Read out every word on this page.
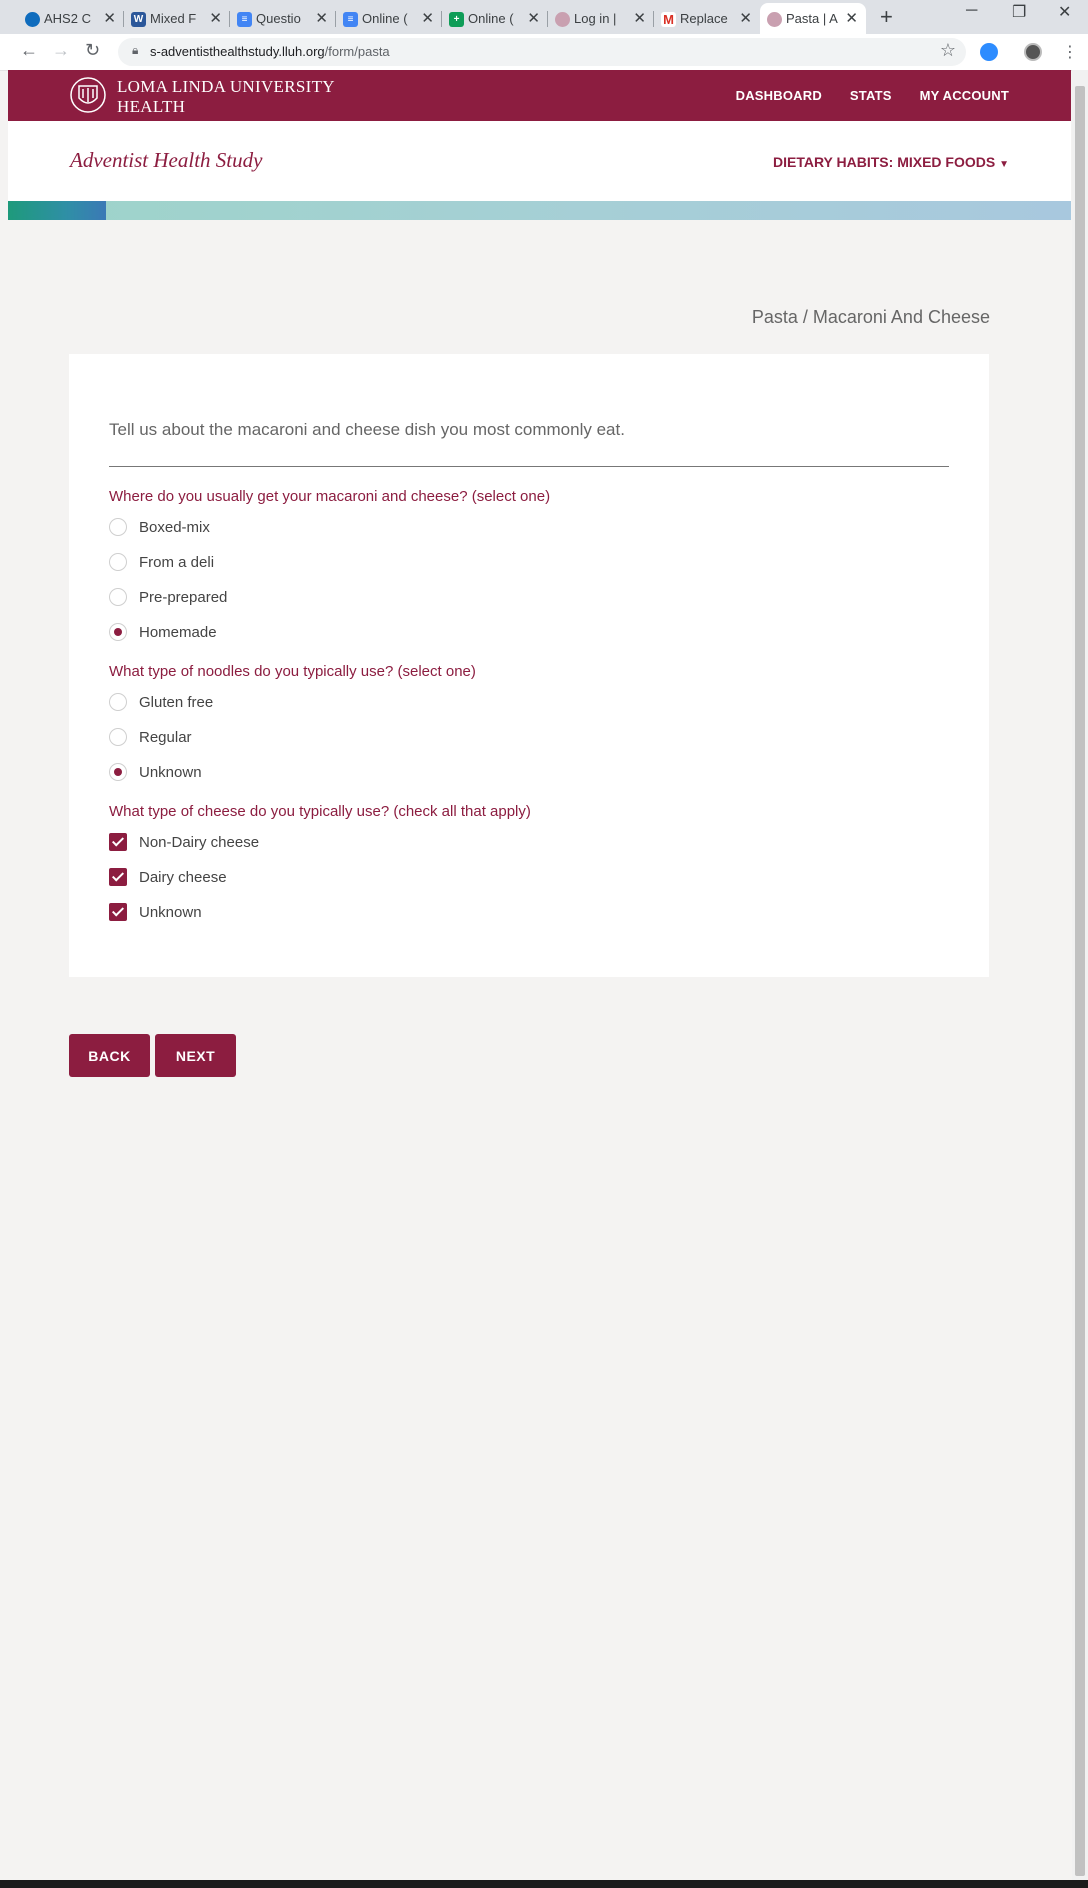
AHS2 C ✕ W Mixed F ✕	≡ Questio ✕	≡ Online ( ✕	+ Online ( ✕	Log in |	✕ M Replace ✕	Pasta | A ✕ +	─ ❐ ✕
← → ↻	🔒︎ s-adventisthealthstudy.lluh.org/form/pasta	☆	⋮
LOMA LINDA UNIVERSITY
HEALTH
DASHBOARD STATS MY ACCOUNT
Adventist Health Study	DIETARY HABITS: MIXED FOODS ▼
Pasta / Macaroni And Cheese
Tell us about the macaroni and cheese dish you most commonly eat.
Where do you usually get your macaroni and cheese? (select one)
Boxed-mix
From a deli
Pre-prepared
Homemade
What type of noodles do you typically use? (select one)
Gluten free
Regular
Unknown
What type of cheese do you typically use? (check all that apply)
Non-Dairy cheese
Dairy cheese
Unknown
BACK	NEXT
